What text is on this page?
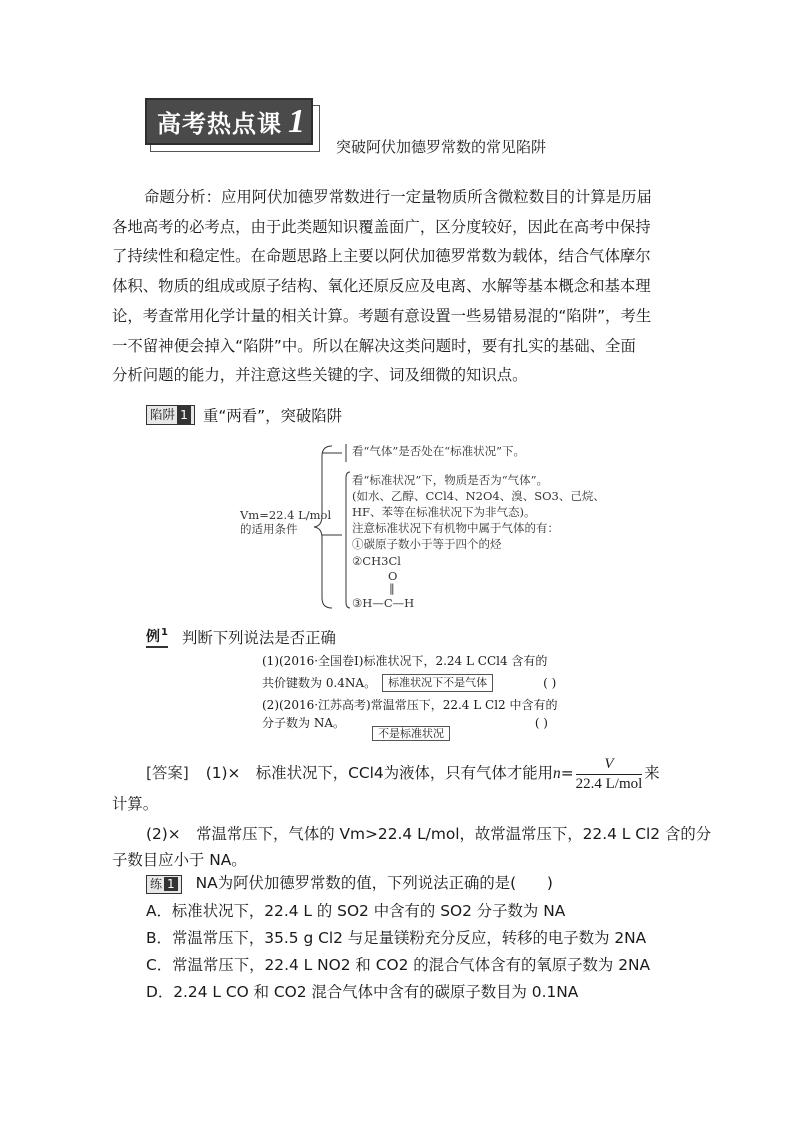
高考热点课 1
突破阿伏加德罗常数的常见陷阱
命题分析：应用阿伏加德罗常数进行一定量物质所含微粒数目的计算是历届
各地高考的必考点，由于此类题知识覆盖面广，区分度较好，因此在高考中保持
了持续性和稳定性。在命题思路上主要以阿伏加德罗常数为载体，结合气体摩尔
体积、物质的组成或原子结构、氧化还原反应及电离、水解等基本概念和基本理
论，考查常用化学计量的相关计算。考题有意设置一些易错易混的“陷阱”，考生
一不留神便会掉入“陷阱”中。所以在解决这类问题时，要有扎实的基础、全面
分析问题的能力，并注意这些关键的字、词及细微的知识点。
陷阱 1 重“两看”，突破陷阱
Vm=22.4 L/mol
的适用条件
看“气体”是否处在“标准状况”下。
看“标准状况”下，物质是否为“气体”。
(如水、乙醇、CCl4、N2O4、溴、SO3、己烷、
HF、苯等在标准状况下为非气态)。
注意标准状况下有机物中属于气体的有：
①碳原子数小于等于四个的烃
②CH3Cl
O
‖
③H—C—H
例$^1$ 判断下列说法是否正确
(1)(2016·全国卷Ⅰ)标准状况下，2.24 L CCl4 含有的
共价键数为 0.4NA。	标准状况下不是气体	( )
(2)(2016·江苏高考)常温常压下，22.4 L Cl2 中含有的
分子数为 NA。	( )
不是标准状况
[答案] (1)×　标准状况下，CCl4为液体，只有气体才能用$n= \frac{V}{\text{22.4 L/mol}}$ 来
计算。
(2)×　常温常压下，气体的 Vm>22.4 L/mol，故常温常压下，22.4 L Cl2 含的分
子数目应小于 NA。
练 1 NA为阿伏加德罗常数的值，下列说法正确的是(　　)
A．标准状况下，22.4 L 的 SO2 中含有的 SO2 分子数为 NA
B．常温常压下，35.5 g Cl2 与足量镁粉充分反应，转移的电子数为 2NA
C．常温常压下，22.4 L NO2 和 CO2 的混合气体含有的氧原子数为 2NA
D．2.24 L CO 和 CO2 混合气体中含有的碳原子数目为 0.1NA
